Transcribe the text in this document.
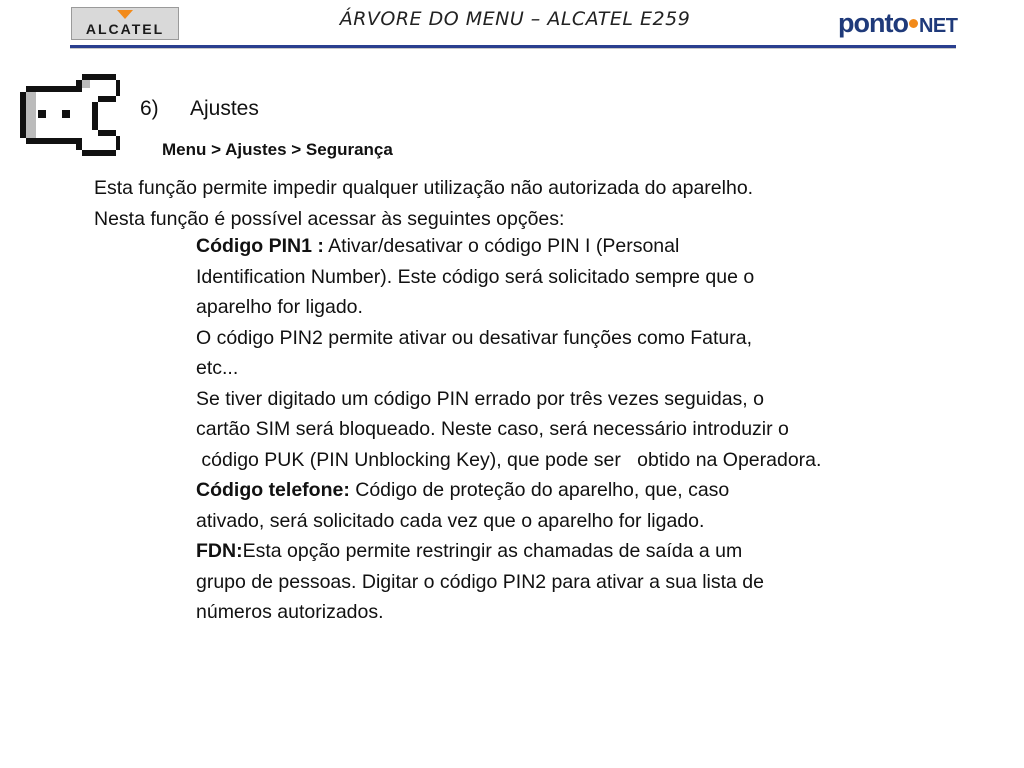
ALCATEL	ÁRVORE DO MENU – ALCATEL E259	ponto NET
6) Ajustes
Menu > Ajustes > Segurança
Esta função permite impedir qualquer utilização não autorizada do aparelho.
Nesta função é possível acessar às seguintes opções:
Código PIN1 : Ativar/desativar o código PIN I (Personal
Identification Number). Este código será solicitado sempre que o
aparelho for ligado.
O código PIN2 permite ativar ou desativar funções como Fatura,
etc...
Se tiver digitado um código PIN errado por três vezes seguidas, o
cartão SIM será bloqueado. Neste caso, será necessário introduzir o
código PUK (PIN Unblocking Key), que pode ser   obtido na Operadora.
Código telefone: Código de proteção do aparelho, que, caso
ativado, será solicitado cada vez que o aparelho for ligado.
FDN:Esta opção permite restringir as chamadas de saída a um
grupo de pessoas. Digitar o código PIN2 para ativar a sua lista de
números autorizados.
